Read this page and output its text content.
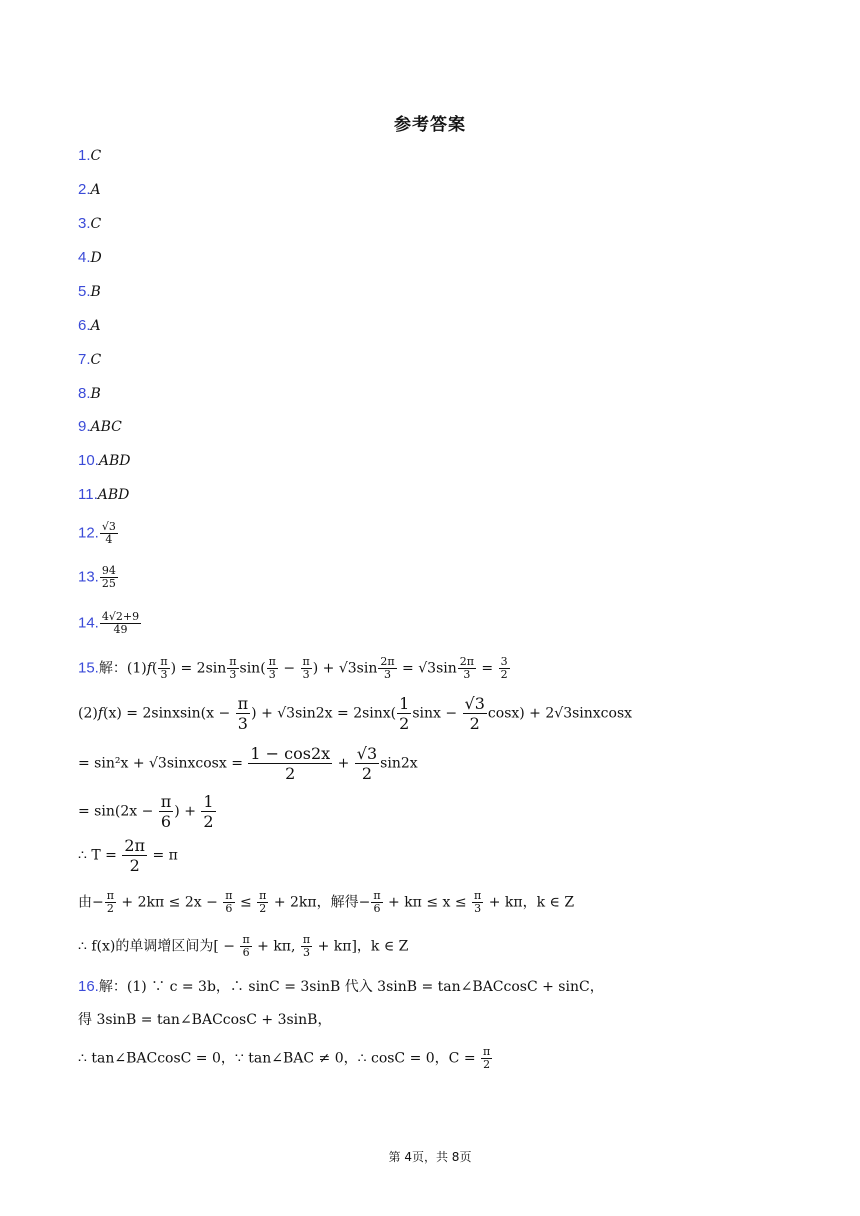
参考答案
1.C
2.A
3.C
4.D
5.B
6.A
7.C
8.B
9.ABC
10.ABD
11.ABD
12. $\frac{√3}{4}$
13. $\frac{94}{25}$
14. $\frac{4√2+9}{49}$
15.解：$(1)f( \frac{\pi}{3}$ ) = $2\sin \frac{\pi}{3} \sin( \frac{\pi}{3} - \frac{\pi}{3}$ ) + $√3\sin \frac{2\pi}{3} = √3\sin \frac{2\pi}{3} = \frac{3}{2}$
(2)f(x) = 2sinxsin(x − $\frac{\pi}{3}$ ) + $√3\sin 2x = 2\sin x( \frac{1}{2}$ $\sin x - \frac{√3}{2} \cos x$) + 2√3sinxcosx
= sin²x + √3sinxcosx = $\frac{1 - \cos 2x}{2} + \frac{√3}{2} \sin 2x$
= $\sin(2x - \frac{\pi}{6}$ ) + $\frac{1}{2}$
∴ $T = \frac{2\pi}{2} = \pi$
由− $\frac{\pi}{2} + 2k\pi \le 2x - \frac{\pi}{6} \le \frac{\pi}{2} + 2k\pi$，解得− $\frac{\pi}{6} + k\pi \le x \le \frac{\pi}{3} + k\pi$，k ∈ Z
∴ f(x)的单调增区间为[ − $\frac{\pi}{6} + k\pi$, $\frac{\pi}{3} + k\pi$]，k ∈ Z
16.解：(1) ∵ c = 3b，∴ sinC = 3sinB 代入 3sinB = tan∠BACcosC + sinC，
得 3sinB = tan∠BACcosC + 3sinB，
∴ tan∠BACcosC = 0，∵ tan∠BAC ≠ 0，∴ cosC = 0，$C = \frac{\pi}{2}$
第 4页，共 8页
